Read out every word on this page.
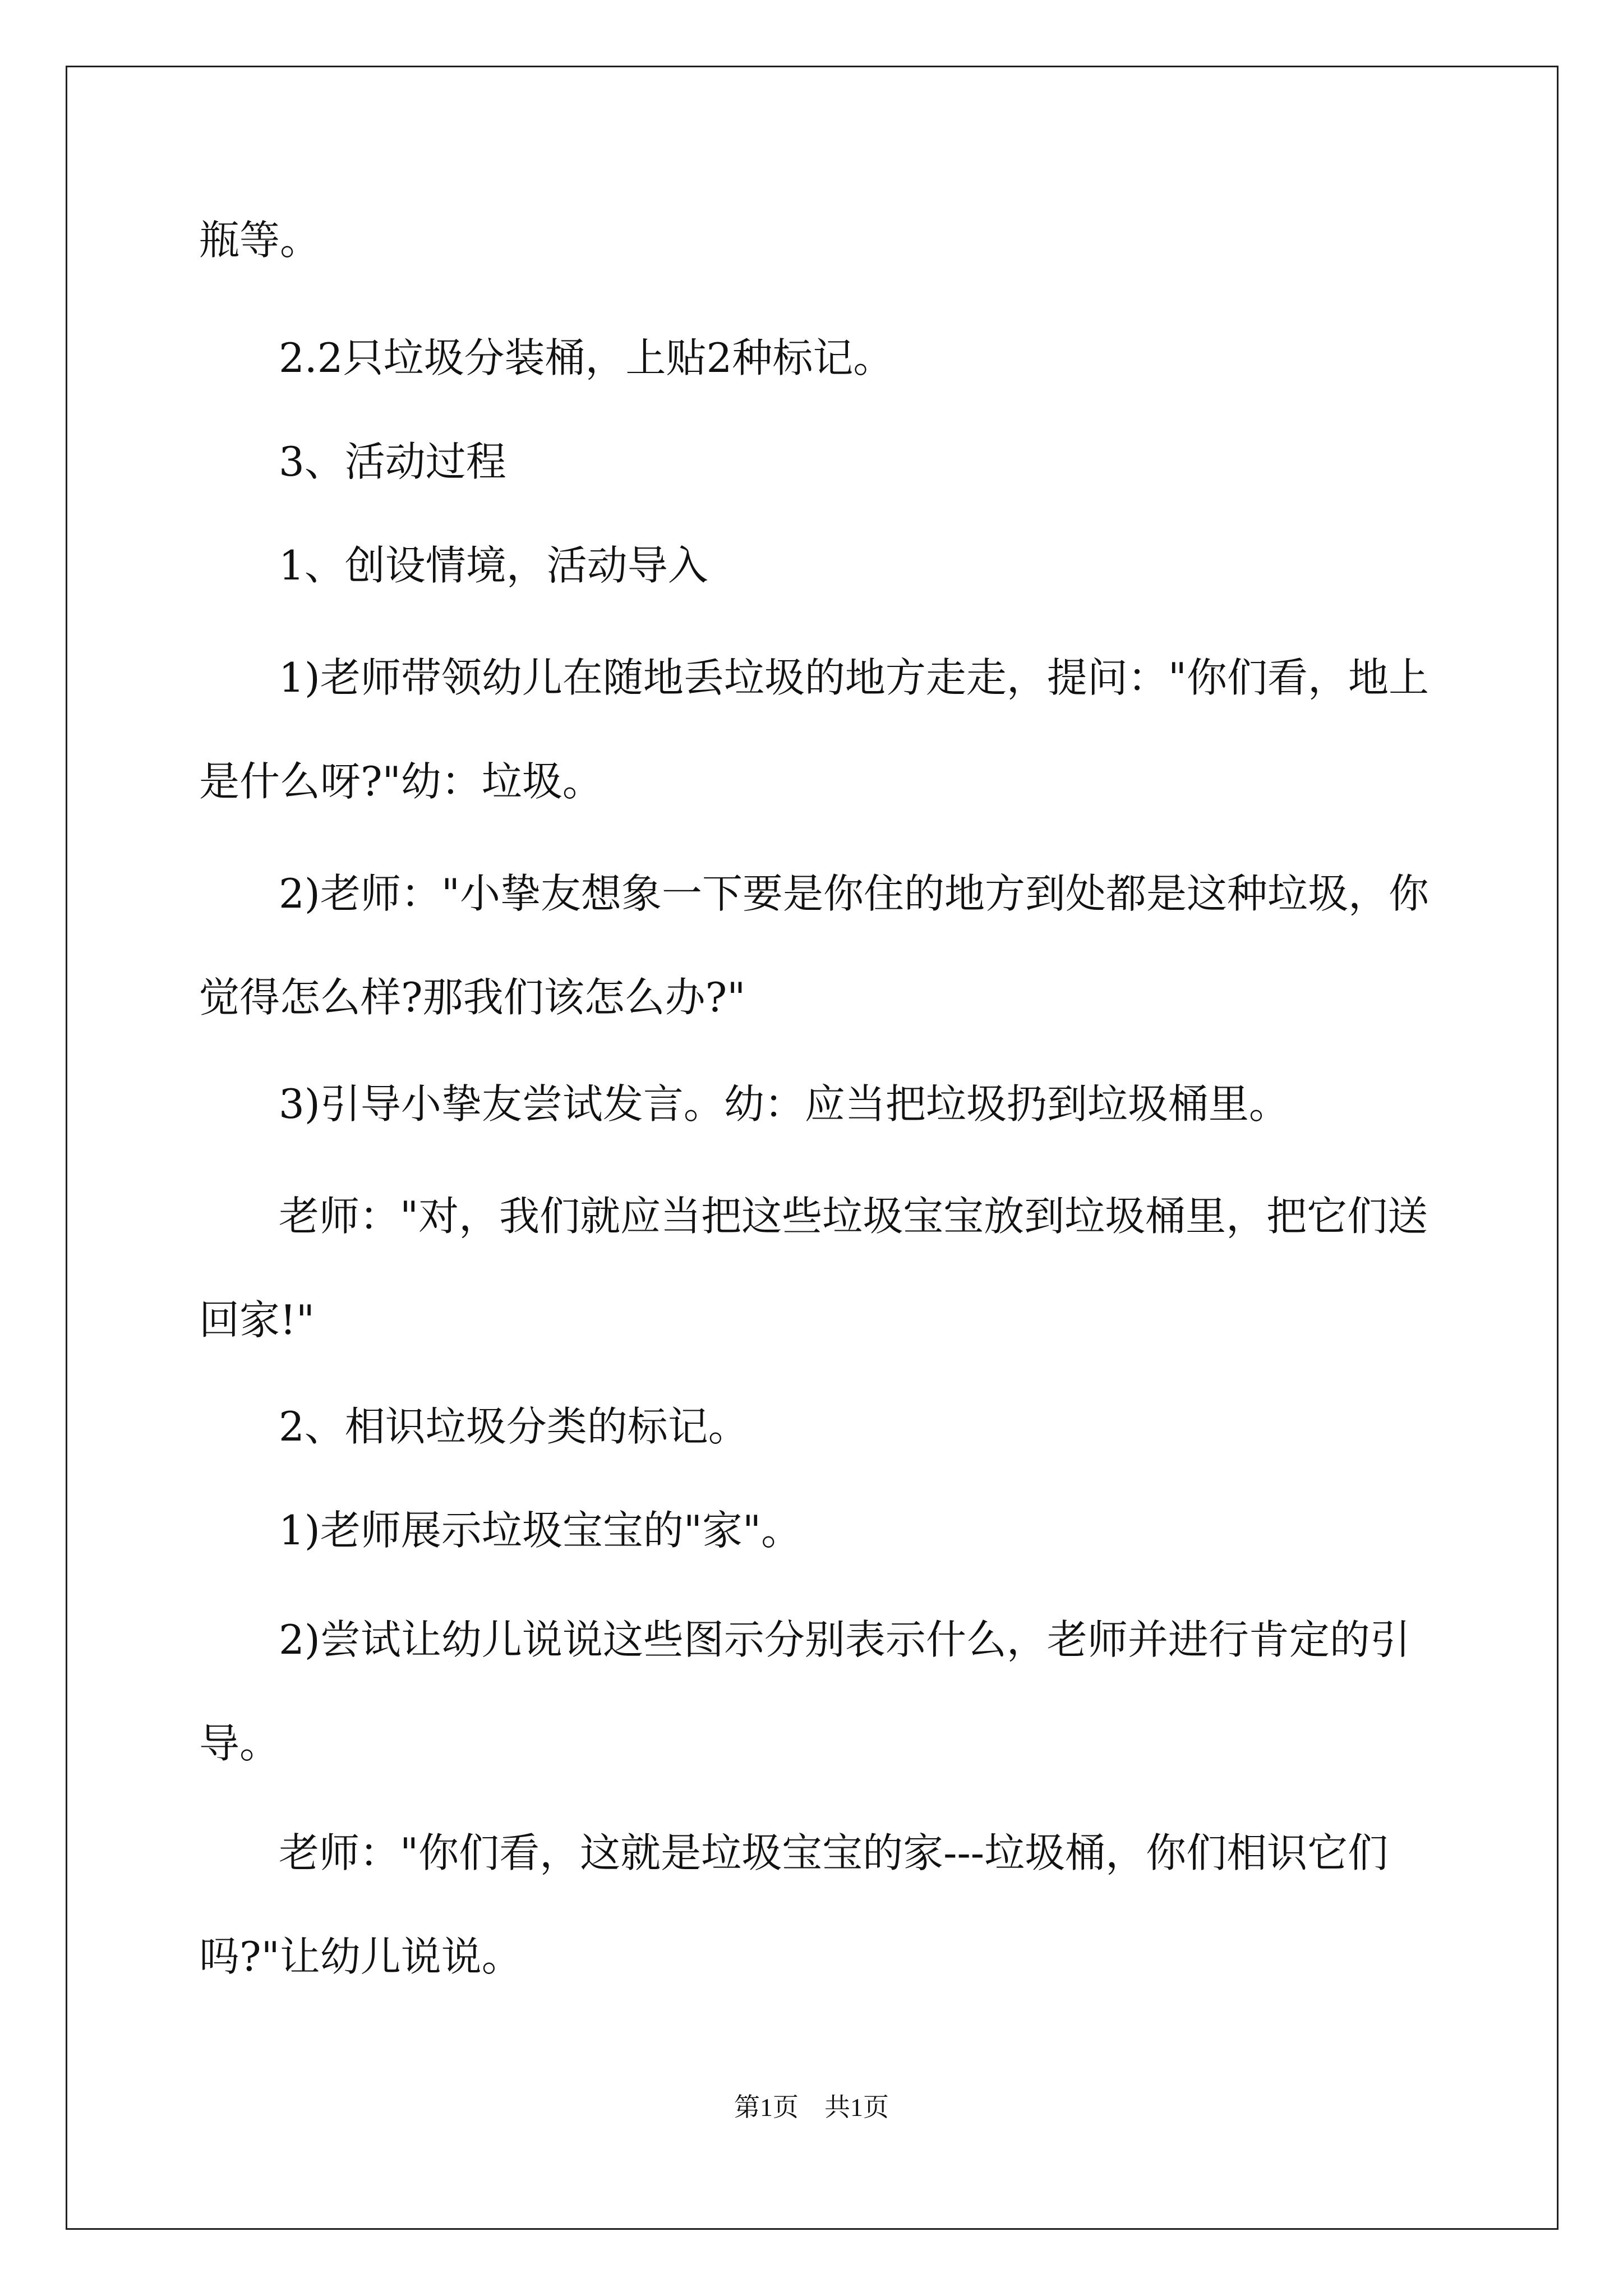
瓶等。
2.2只垃圾分装桶，上贴2种标记。
3、活动过程
1、创设情境，活动导入
1)老师带领幼儿在随地丢垃圾的地方走走，提问："你们看，地上
是什么呀?"幼：垃圾。
2)老师："小挚友想象一下要是你住的地方到处都是这种垃圾，你
觉得怎么样?那我们该怎么办?"
3)引导小挚友尝试发言。幼：应当把垃圾扔到垃圾桶里。
老师："对，我们就应当把这些垃圾宝宝放到垃圾桶里，把它们送
回家!"
2、相识垃圾分类的标记。
1)老师展示垃圾宝宝的"家"。
2)尝试让幼儿说说这些图示分别表示什么，老师并进行肯定的引
导。
老师："你们看，这就是垃圾宝宝的家---垃圾桶，你们相识它们
吗?"让幼儿说说。
第1页 共1页
